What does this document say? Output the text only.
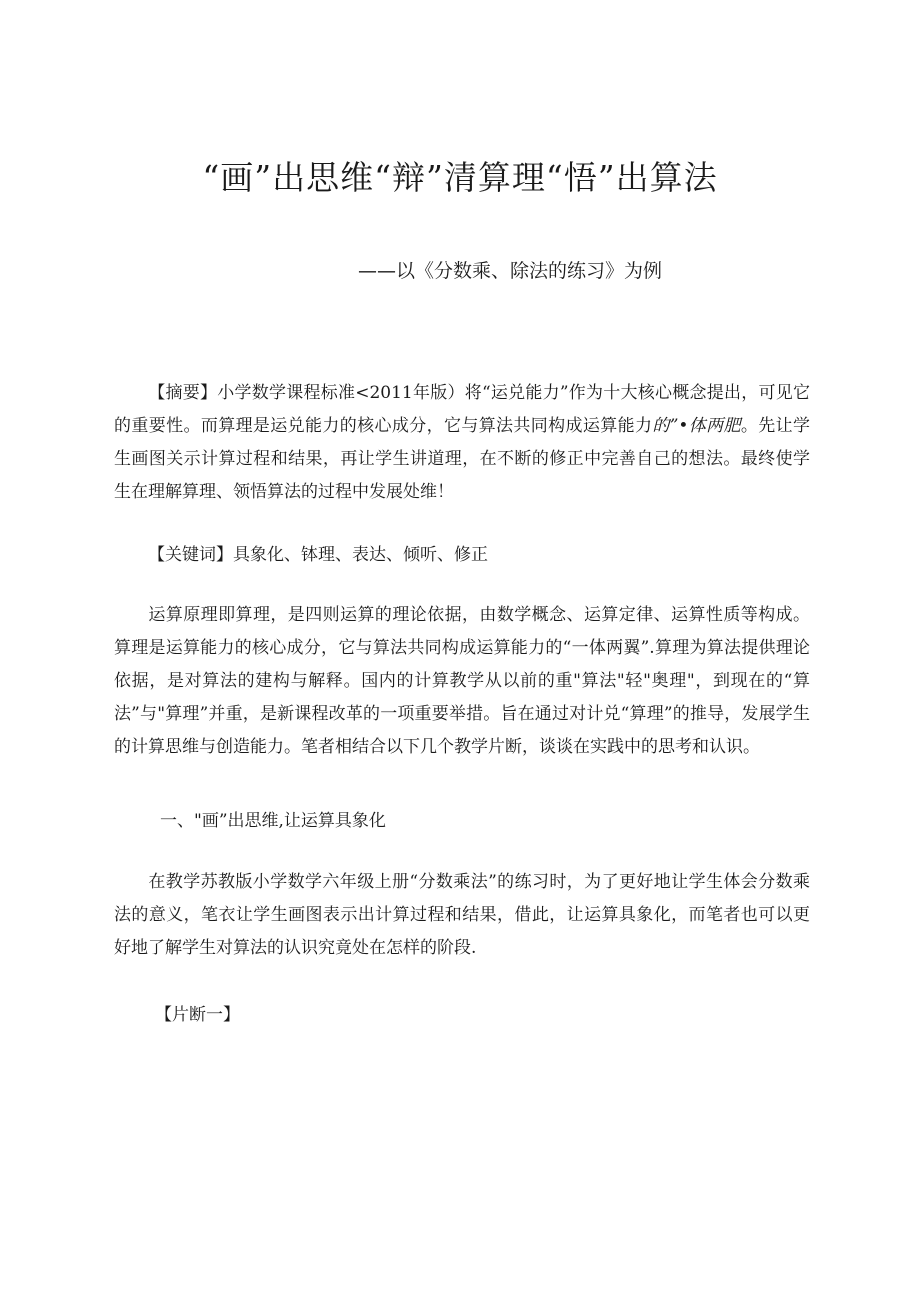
“画”出思维“辩”清算理“悟”出算法
——以《分数乘、除法的练习》为例

【摘要】小学数学课程标准<2011年版）将“运兑能力”作为十大核心概念提出，可见它的重要性。而算理是运兑能力的核心成分，它与算法共同构成运算能力的”•体两肥。先让学生画图关示计算过程和结果，再让学生讲道理，在不断的修正中完善自己的想法。最终使学生在理解算理、领悟算法的过程中发展处维！

【关键词】具象化、钵理、表达、倾听、修正

运算原理即算理，是四则运算的理论依据，由数学概念、运算定律、运算性质等构成。算理是运算能力的核心成分，它与算法共同构成运算能力的“一体两翼”.算理为算法提供理论依据，是对算法的建构与解释。国内的计算教学从以前的重"算法"轻"奥理"，到现在的“算法”与"算理”并重，是新课程改革的一项重要举措。旨在通过对计兑“算理”的推导，发展学生的计算思维与创造能力。笔者相结合以下几个教学片断，谈谈在实践中的思考和认识。

一、"画”出思维,让运算具象化

在教学苏教版小学数学六年级上册“分数乘法”的练习时，为了更好地让学生体会分数乘法的意义，笔衣让学生画图表示出计算过程和结果，借此，让运算具象化，而笔者也可以更好地了解学生对算法的认识究竟处在怎样的阶段.

【片断一】
